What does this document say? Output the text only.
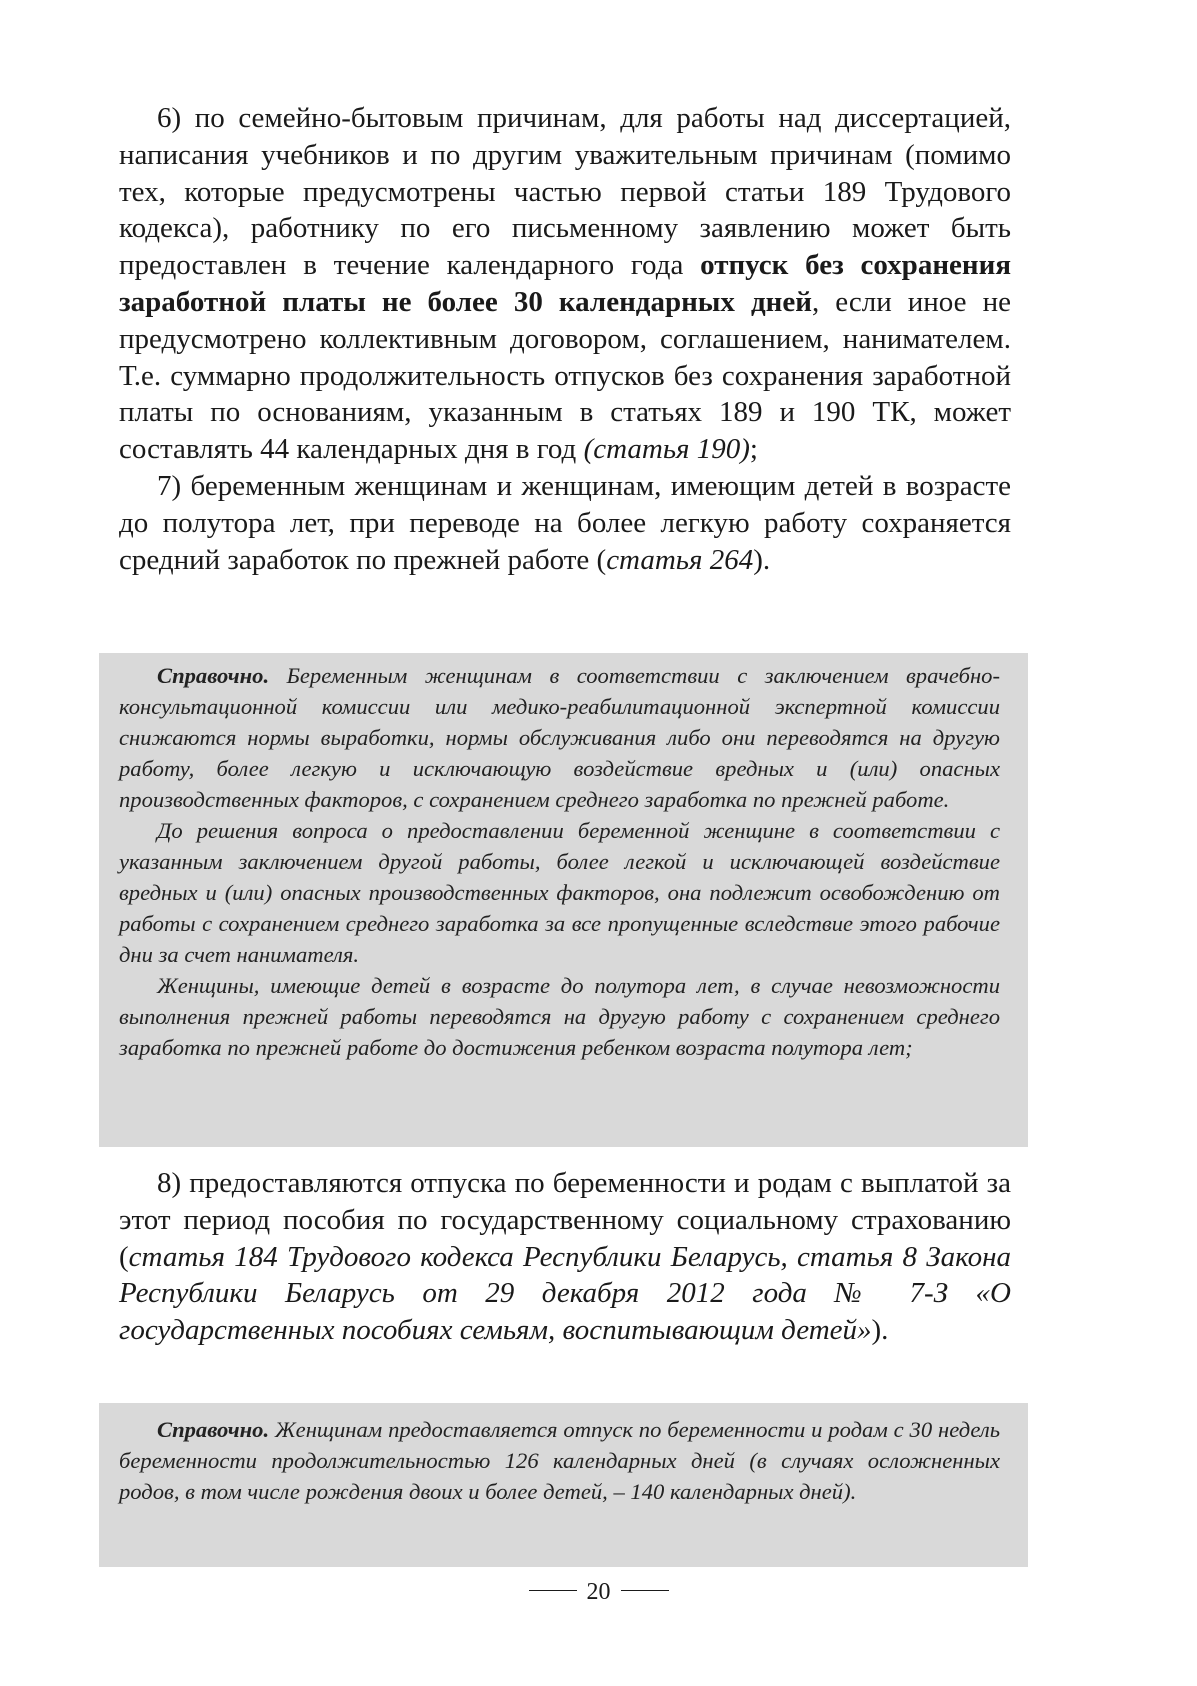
6) по семейно-бытовым причинам, для работы над диссертацией, написания учебников и по другим уважительным причинам (помимо тех, которые предусмотрены частью первой статьи 189 Трудового кодекса), работнику по его письменному заявлению может быть предоставлен в течение календарного года отпуск без сохранения заработной платы не более 30 календарных дней, если иное не предусмотрено коллективным договором, соглашением, нанимателем. Т.е. суммарно продолжительность отпусков без сохранения заработной платы по основаниям, указанным в статьях 189 и 190 ТК, может составлять 44 календарных дня в год (статья 190);

7) беременным женщинам и женщинам, имеющим детей в возрасте до полутора лет, при переводе на более легкую работу сохраняется средний заработок по прежней работе (статья 264).

Справочно. Беременным женщинам в соответствии с заключением врачебно-консультационной комиссии или медико-реабилитационной экспертной комиссии снижаются нормы выработки, нормы обслуживания либо они переводятся на другую работу, более легкую и исключающую воздействие вредных и (или) опасных производственных факторов, с сохранением среднего заработка по прежней работе.

До решения вопроса о предоставлении беременной женщине в соответствии с указанным заключением другой работы, более легкой и исключающей воздействие вредных и (или) опасных производственных факторов, она подлежит освобождению от работы с сохранением среднего заработка за все пропущенные вследствие этого рабочие дни за счет нанимателя.

Женщины, имеющие детей в возрасте до полутора лет, в случае невозможности выполнения прежней работы переводятся на другую работу с сохранением среднего заработка по прежней работе до достижения ребенком возраста полутора лет;

8) предоставляются отпуска по беременности и родам с выплатой за этот период пособия по государственному социальному страхованию (статья 184 Трудового кодекса Республики Беларусь, статья 8 Закона Республики Беларусь от 29 декабря 2012 года № 7-З «О государственных пособиях семьям, воспитывающим детей»).

Справочно. Женщинам предоставляется отпуск по беременности и родам с 30 недель беременности продолжительностью 126 календарных дней (в случаях осложненных родов, в том числе рождения двоих и более детей, – 140 календарных дней).

20
